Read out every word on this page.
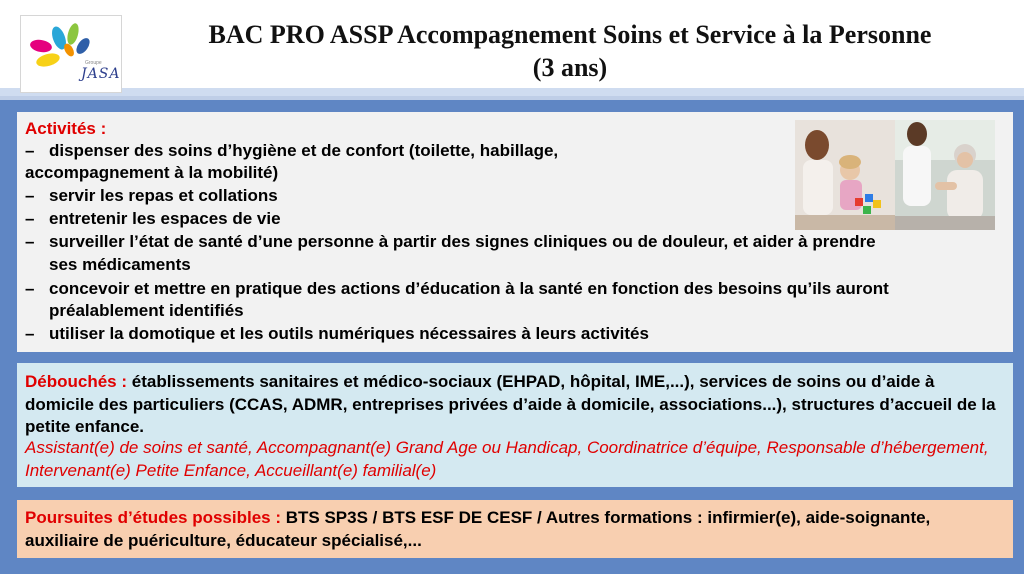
Groupe
JASA
BAC PRO ASSP Accompagnement Soins et Service à la Personne
(3 ans)
Activités :
– dispenser des soins d’hygiène et de confort (toilette, habillage,
accompagnement à la mobilité)
– servir les repas et collations
– entretenir les espaces de vie
– surveiller l’état de santé d’une personne à partir des signes cliniques ou de douleur, et aider à prendre
ses médicaments
– concevoir et mettre en pratique des actions d’éducation à la santé en fonction des besoins qu’ils auront
préalablement identifiés
– utiliser la domotique et les outils numériques nécessaires à leurs activités
Débouchés : établissements sanitaires et médico-sociaux (EHPAD, hôpital, IME,...), services de soins ou d’aide à domicile des particuliers (CCAS, ADMR, entreprises privées d’aide à domicile, associations...), structures d’accueil de la petite enfance.
Assistant(e) de soins et santé, Accompagnant(e) Grand Age ou Handicap, Coordinatrice d’équipe, Responsable d’hébergement, Intervenant(e) Petite Enfance, Accueillant(e) familial(e)
Poursuites d’études possibles : BTS SP3S / BTS ESF DE CESF / Autres formations : infirmier(e), aide-soignante, auxiliaire de puériculture, éducateur spécialisé,...
